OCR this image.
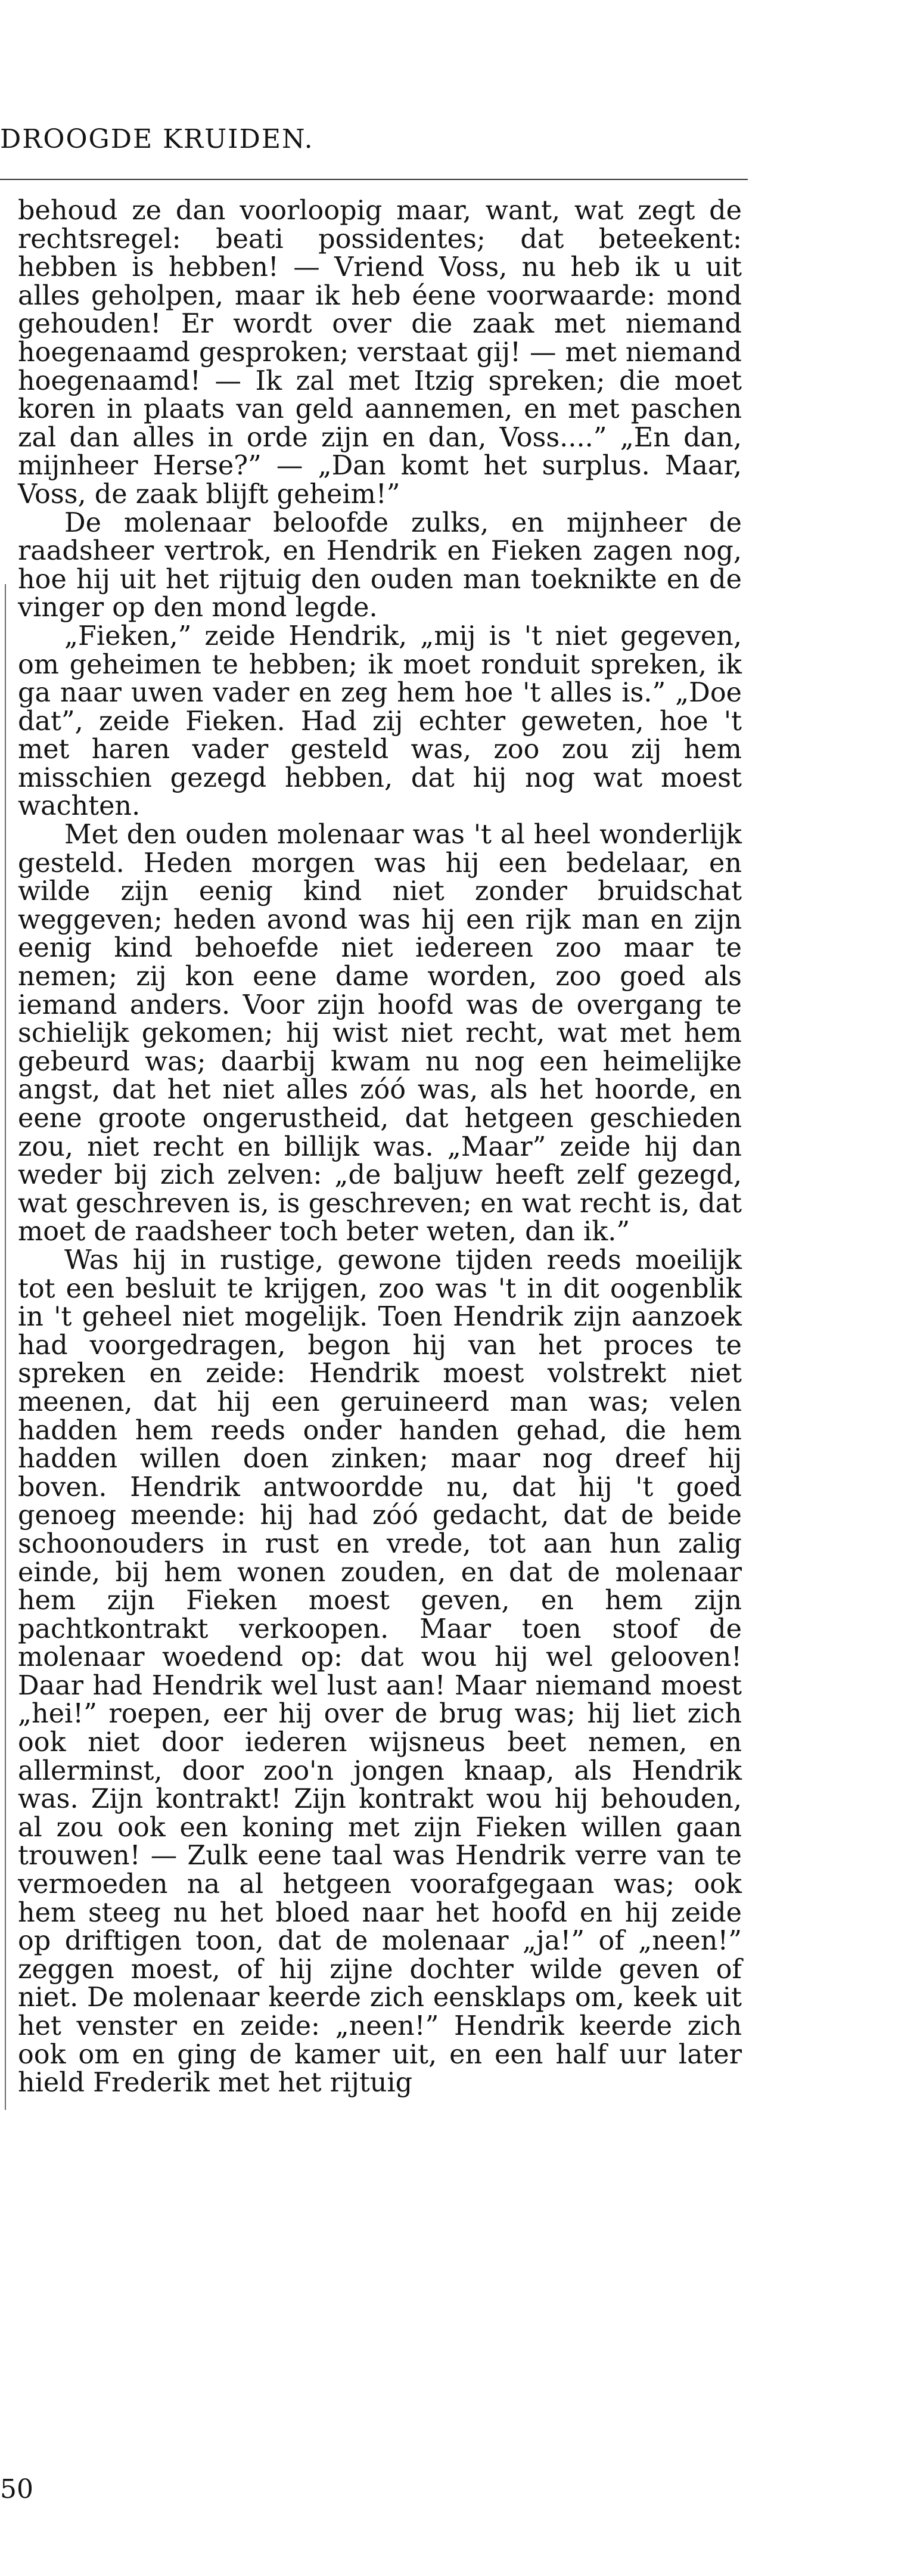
DROOGDE KRUIDEN.

behoud ze dan voorloopig maar, want, wat zegt de rechtsregel: beati possidentes; dat beteekent: hebben is hebben! — Vriend Voss, nu heb ik u uit alles geholpen, maar ik heb éene voorwaarde: mond gehouden! Er wordt over die zaak met niemand hoegenaamd gesproken; verstaat gij! — met niemand hoegenaamd! — Ik zal met Itzig spreken; die moet koren in plaats van geld aannemen, en met paschen zal dan alles in orde zijn en dan, Voss....” „En dan, mijnheer Herse?” — „Dan komt het surplus. Maar, Voss, de zaak blijft geheim!”

De molenaar beloofde zulks, en mijnheer de raadsheer vertrok, en Hendrik en Fieken zagen nog, hoe hij uit het rijtuig den ouden man toeknikte en de vinger op den mond legde.

„Fieken,” zeide Hendrik, „mij is 't niet gegeven, om geheimen te hebben; ik moet ronduit spreken, ik ga naar uwen vader en zeg hem hoe 't alles is.” „Doe dat”, zeide Fieken. Had zij echter geweten, hoe 't met haren vader gesteld was, zoo zou zij hem misschien gezegd hebben, dat hij nog wat moest wachten.

Met den ouden molenaar was 't al heel wonderlijk gesteld. Heden morgen was hij een bedelaar, en wilde zijn eenig kind niet zonder bruidschat weggeven; heden avond was hij een rijk man en zijn eenig kind behoefde niet iedereen zoo maar te nemen; zij kon eene dame worden, zoo goed als iemand anders. Voor zijn hoofd was de overgang te schielijk gekomen; hij wist niet recht, wat met hem gebeurd was; daarbij kwam nu nog een heimelijke angst, dat het niet alles zóó was, als het hoorde, en eene groote ongerustheid, dat hetgeen geschieden zou, niet recht en billijk was. „Maar” zeide hij dan weder bij zich zelven: „de baljuw heeft zelf gezegd, wat geschreven is, is geschreven; en wat recht is, dat moet de raadsheer toch beter weten, dan ik.”

Was hij in rustige, gewone tijden reeds moeilijk tot een besluit te krijgen, zoo was 't in dit oogenblik in 't geheel niet mogelijk. Toen Hendrik zijn aanzoek had voorgedragen, begon hij van het proces te spreken en zeide: Hendrik moest volstrekt niet meenen, dat hij een geruineerd man was; velen hadden hem reeds onder handen gehad, die hem hadden willen doen zinken; maar nog dreef hij boven. Hendrik antwoordde nu, dat hij 't goed genoeg meende: hij had zóó gedacht, dat de beide schoonouders in rust en vrede, tot aan hun zalig einde, bij hem wonen zouden, en dat de molenaar hem zijn Fieken moest geven, en hem zijn pachtkontrakt verkoopen. Maar toen stoof de molenaar woedend op: dat wou hij wel gelooven! Daar had Hendrik wel lust aan! Maar niemand moest „hei!” roepen, eer hij over de brug was; hij liet zich ook niet door iederen wijsneus beet nemen, en allerminst, door zoo'n jongen knaap, als Hendrik was. Zijn kontrakt! Zijn kontrakt wou hij behouden, al zou ook een koning met zijn Fieken willen gaan trouwen! — Zulk eene taal was Hendrik verre van te vermoeden na al hetgeen voorafgegaan was; ook hem steeg nu het bloed naar het hoofd en hij zeide op driftigen toon, dat de molenaar „ja!” of „neen!” zeggen moest, of hij zijne dochter wilde geven of niet. De molenaar keerde zich eensklaps om, keek uit het venster en zeide: „neen!” Hendrik keerde zich ook om en ging de kamer uit, en een half uur later hield Frederik met het rijtuig

50
